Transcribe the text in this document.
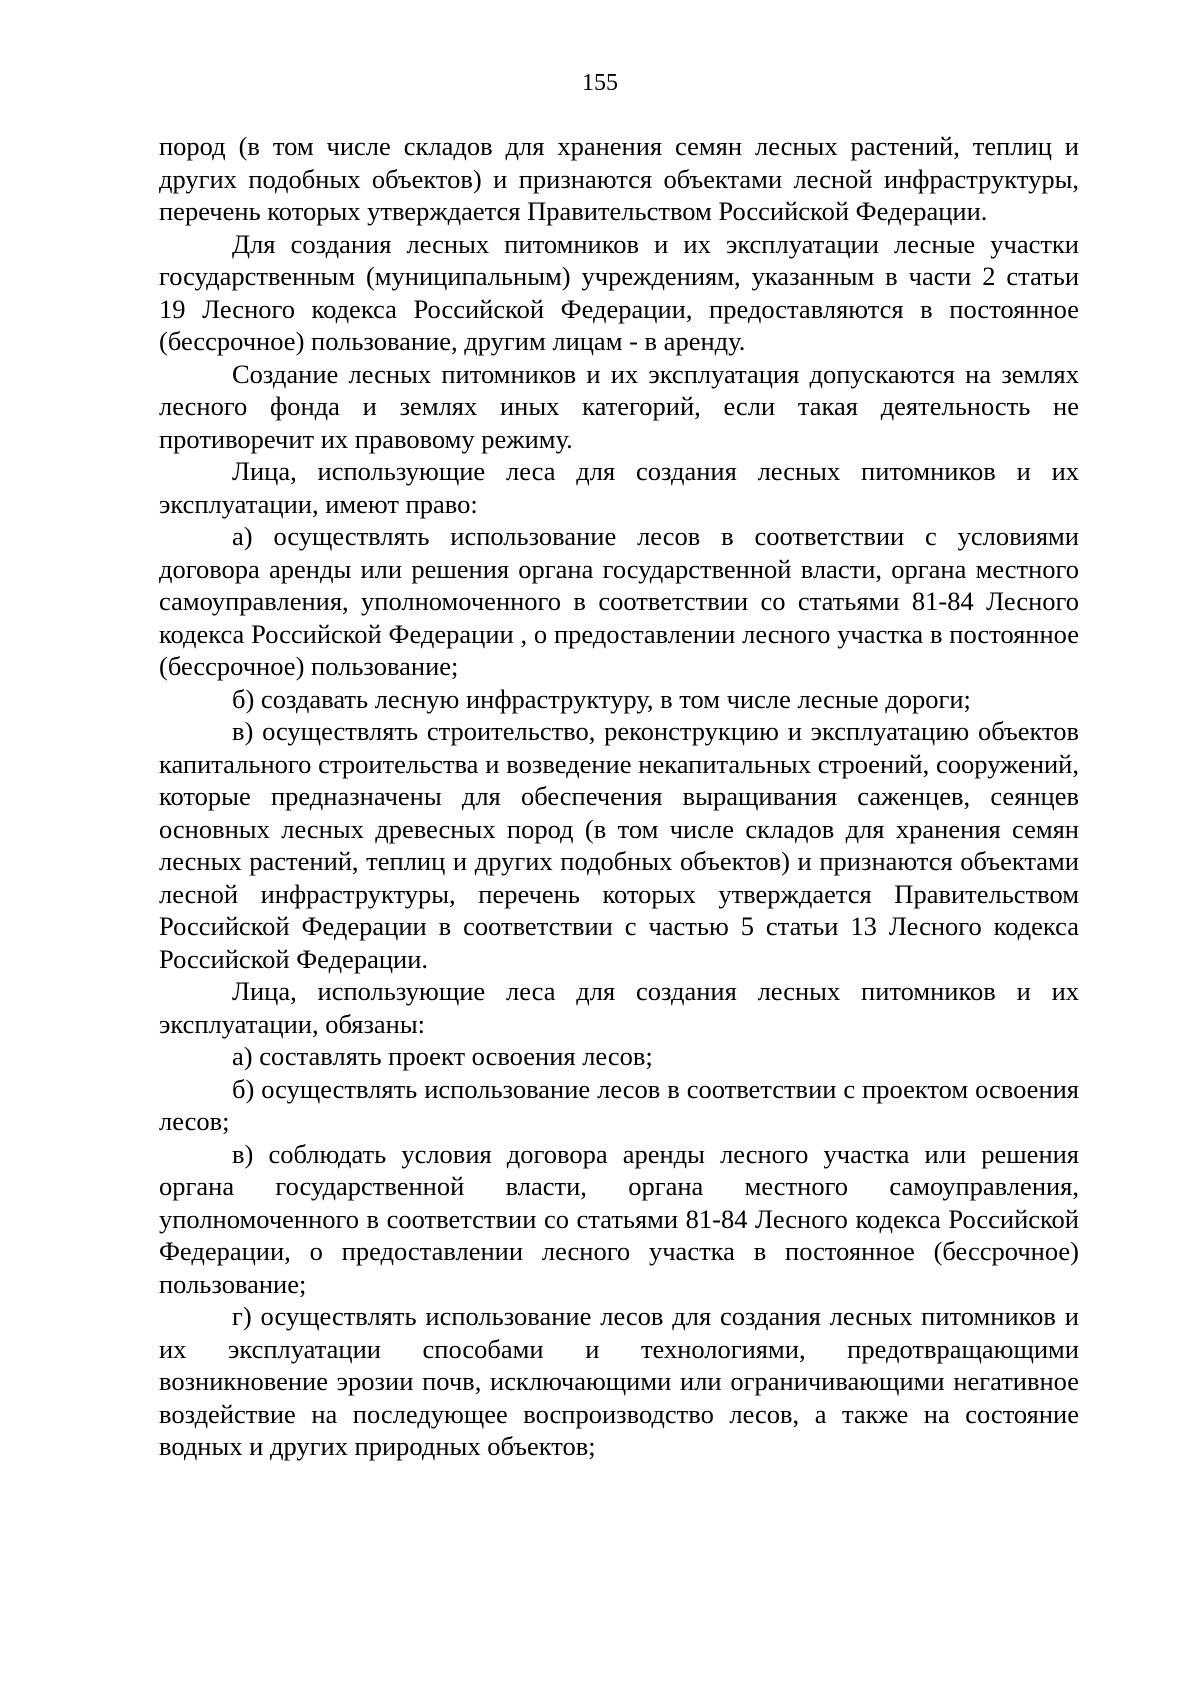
155

пород (в том числе складов для хранения семян лесных растений, теплиц и других подобных объектов) и признаются объектами лесной инфраструктуры, перечень которых утверждается Правительством Российской Федерации.

Для создания лесных питомников и их эксплуатации лесные участки государственным (муниципальным) учреждениям, указанным в части 2 статьи 19 Лесного кодекса Российской Федерации, предоставляются в постоянное (бессрочное) пользование, другим лицам - в аренду.

Создание лесных питомников и их эксплуатация допускаются на землях лесного фонда и землях иных категорий, если такая деятельность не противоречит их правовому режиму.

Лица, использующие леса для создания лесных питомников и их эксплуатации, имеют право:

а) осуществлять использование лесов в соответствии с условиями договора аренды или решения органа государственной власти, органа местного самоуправления, уполномоченного в соответствии со статьями 81-84 Лесного кодекса Российской Федерации , о предоставлении лесного участка в постоянное (бессрочное) пользование;

б) создавать лесную инфраструктуру, в том числе лесные дороги;

в) осуществлять строительство, реконструкцию и эксплуатацию объектов капитального строительства и возведение некапитальных строений, сооружений, которые предназначены для обеспечения выращивания саженцев, сеянцев основных лесных древесных пород (в том числе складов для хранения семян лесных растений, теплиц и других подобных объектов) и признаются объектами лесной инфраструктуры, перечень которых утверждается Правительством Российской Федерации в соответствии с частью 5 статьи 13 Лесного кодекса Российской Федерации.

Лица, использующие леса для создания лесных питомников и их эксплуатации, обязаны:

а) составлять проект освоения лесов;

б) осуществлять использование лесов в соответствии с проектом освоения лесов;

в) соблюдать условия договора аренды лесного участка или решения органа государственной власти, органа местного самоуправления, уполномоченного в соответствии со статьями 81-84 Лесного кодекса Российской Федерации, о предоставлении лесного участка в постоянное (бессрочное) пользование;

г) осуществлять использование лесов для создания лесных питомников и их эксплуатации способами и технологиями, предотвращающими возникновение эрозии почв, исключающими или ограничивающими негативное воздействие на последующее воспроизводство лесов, а также на состояние водных и других природных объектов;
